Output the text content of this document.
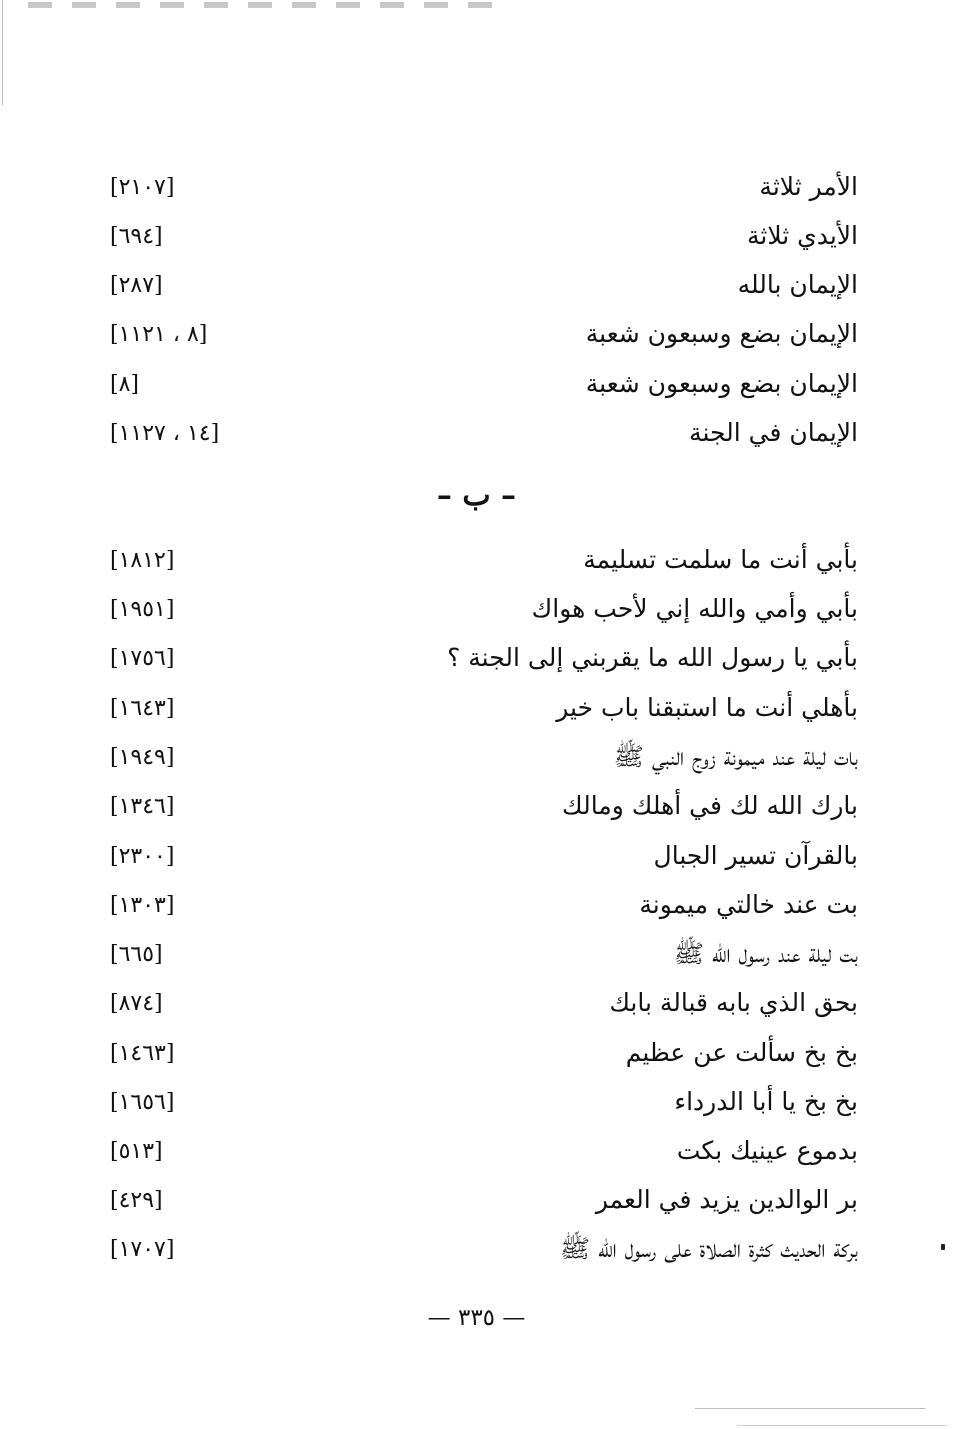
[٢١٠٧]	الأمر ثلاثة
[٦٩٤]	الأيدي ثلاثة
[٢٨٧]	الإيمان بالله
[٨ ، ١١٢١]	الإيمان بضع وسبعون شعبة
[٨]	الإيمان بضع وسبعون شعبة
[١٤ ، ١١٢٧]	الإيمان في الجنة
– ب –
[١٨١٢]	بأبي أنت ما سلمت تسليمة
[١٩٥١]	بأبي وأمي والله إني لأحب هواك
[١٧٥٦]	بأبي يا رسول الله ما يقربني إلى الجنة ؟
[١٦٤٣]	بأهلي أنت ما استبقنا باب خير
[١٩٤٩]	بات ليلة عند ميمونة زوج النبي ﷺ
[١٣٤٦]	بارك الله لك في أهلك ومالك
[٢٣٠٠]	بالقرآن تسير الجبال
[١٣٠٣]	بت عند خالتي ميمونة
[٦٦٥]	بت ليلة عند رسول الله ﷺ
[٨٧٤]	بحق الذي بابه قبالة بابك
[١٤٦٣]	بخ بخ سألت عن عظيم
[١٦٥٦]	بخ بخ يا أبا الدرداء
[٥١٣]	بدموع عينيك بكت
[٤٢٩]	بر الوالدين يزيد في العمر
[١٧٠٧]	بركة الحديث كثرة الصلاة على رسول الله ﷺ
— ٣٣٥ —
